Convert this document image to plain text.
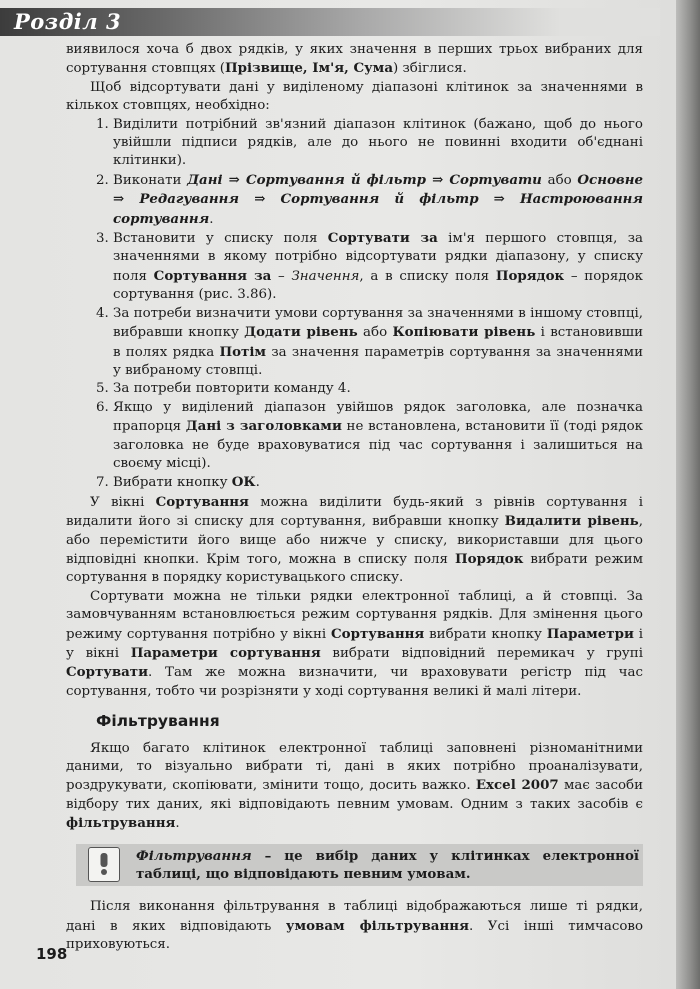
Розділ 3

виявилося хоча б двох рядків, у яких значення в перших трьох вибраних для сортування стовпцях (Прізвище, Ім'я, Сума) збіглися.

Щоб відсортувати дані у виділеному діапазоні клітинок за значеннями в кількох стовпцях, необхідно:

1. Виділити потрібний зв'язний діапазон клітинок (бажано, щоб до нього увійшли підписи рядків, але до нього не повинні входити об'єднані клітинки).
2. Виконати Дані ⇒ Сортування й фільтр ⇒ Сортувати або Основне ⇒ Редагування ⇒ Сортування й фільтр ⇒ Настроювання сортування.
3. Встановити у списку поля Сортувати за ім'я першого стовпця, за значеннями в якому потрібно відсортувати рядки діапазону, у списку поля Сортування за – Значення, а в списку поля Порядок – порядок сортування (рис. 3.86).
4. За потреби визначити умови сортування за значеннями в іншому стовпці, вибравши кнопку Додати рівень або Копіювати рівень і встановивши в полях рядка Потім за значення параметрів сортування за значеннями у вибраному стовпці.
5. За потреби повторити команду 4.
6. Якщо у виділений діапазон увійшов рядок заголовка, але позначка прапорця Дані з заголовками не встановлена, встановити її (тоді рядок заголовка не буде враховуватися під час сортування і залишиться на своєму місці).
7. Вибрати кнопку ОК.

У вікні Сортування можна виділити будь-який з рівнів сортування і видалити його зі списку для сортування, вибравши кнопку Видалити рівень, або перемістити його вище або нижче у списку, використавши для цього відповідні кнопки. Крім того, можна в списку поля Порядок вибрати режим сортування в порядку користувацького списку.

Сортувати можна не тільки рядки електронної таблиці, а й стовпці. За замовчуванням встановлюється режим сортування рядків. Для змінення цього режиму сортування потрібно у вікні Сортування вибрати кнопку Параметри і у вікні Параметри сортування вибрати відповідний перемикач у групі Сортувати. Там же можна визначити, чи враховувати регістр під час сортування, тобто чи розрізняти у ході сортування великі й малі літери.

Фільтрування

Якщо багато клітинок електронної таблиці заповнені різноманітними даними, то візуально вибрати ті, дані в яких потрібно проаналізувати, роздрукувати, скопіювати, змінити тощо, досить важко. Excel 2007 має засоби відбору тих даних, які відповідають певним умовам. Одним з таких засобів є фільтрування.

Фільтрування – це вибір даних у клітинках електронної таблиці, що відповідають певним умовам.

Після виконання фільтрування в таблиці відображаються лише ті рядки, дані в яких відповідають умовам фільтрування. Усі інші тимчасово приховуються.

198
